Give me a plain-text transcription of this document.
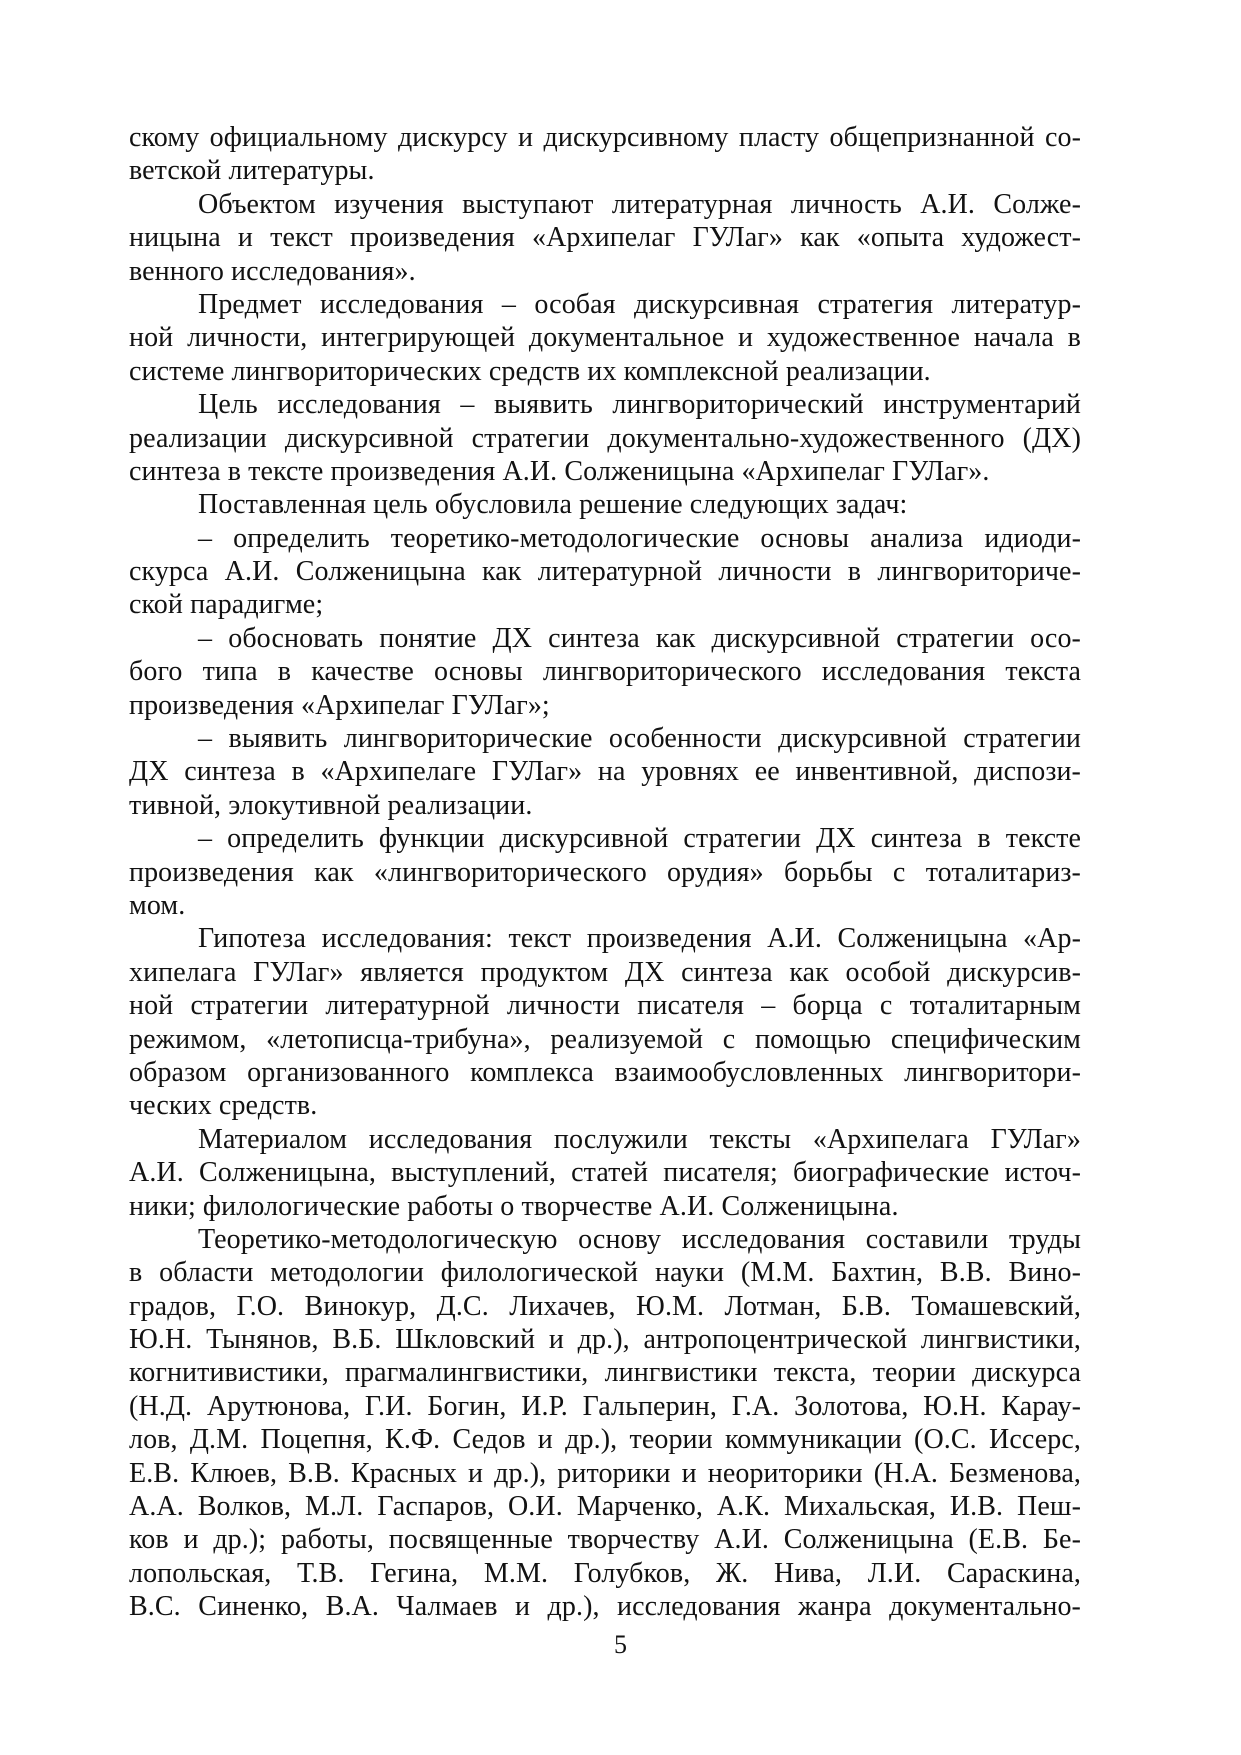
скому официальному дискурсу и дискурсивному пласту общепризнанной со-
ветской литературы.
Объектом изучения выступают литературная личность А.И. Солже-
ницына и текст произведения «Архипелаг ГУЛаг» как «опыта художест-
венного исследования».
Предмет исследования – особая дискурсивная стратегия литератур-
ной личности, интегрирующей документальное и художественное начала в
системе лингвориторических средств их комплексной реализации.
Цель исследования – выявить лингвориторический инструментарий
реализации дискурсивной стратегии документально-художественного (ДХ)
синтеза в тексте произведения А.И. Солженицына «Архипелаг ГУЛаг».
Поставленная цель обусловила решение следующих задач:
– определить теоретико-методологические основы анализа идиоди-
скурса А.И. Солженицына как литературной личности в лингвориториче-
ской парадигме;
– обосновать понятие ДХ синтеза как дискурсивной стратегии осо-
бого типа в качестве основы лингвориторического исследования текста
произведения «Архипелаг ГУЛаг»;
– выявить лингвориторические особенности дискурсивной стратегии
ДХ синтеза в «Архипелаге ГУЛаг» на уровнях ее инвентивной, диспози-
тивной, элокутивной реализации.
– определить функции дискурсивной стратегии ДХ синтеза в тексте
произведения как «лингвориторического орудия» борьбы с тоталитариз-
мом.
Гипотеза исследования: текст произведения А.И. Солженицына «Ар-
хипелага ГУЛаг» является продуктом ДХ синтеза как особой дискурсив-
ной стратегии литературной личности писателя – борца с тоталитарным
режимом, «летописца-трибуна», реализуемой с помощью специфическим
образом организованного комплекса взаимообусловленных лингворитори-
ческих средств.
Материалом исследования послужили тексты «Архипелага ГУЛаг»
А.И. Солженицына, выступлений, статей писателя; биографические источ-
ники; филологические работы о творчестве А.И. Солженицына.
Теоретико-методологическую основу исследования составили труды
в области методологии филологической науки (М.М. Бахтин, В.В. Вино-
градов, Г.О. Винокур, Д.С. Лихачев, Ю.М. Лотман, Б.В. Томашевский,
Ю.Н. Тынянов, В.Б. Шкловский и др.), антропоцентрической лингвистики,
когнитивистики, прагмалингвистики, лингвистики текста, теории дискурса
(Н.Д. Арутюнова, Г.И. Богин, И.Р. Гальперин, Г.А. Золотова, Ю.Н. Карау-
лов, Д.М. Поцепня, К.Ф. Седов и др.), теории коммуникации (О.С. Иссерс,
Е.В. Клюев, В.В. Красных и др.), риторики и неориторики (Н.А. Безменова,
А.А. Волков, М.Л. Гаспаров, О.И. Марченко, А.К. Михальская, И.В. Пеш-
ков и др.); работы, посвященные творчеству А.И. Солженицына (Е.В. Бе-
лопольская, Т.В. Гегина, М.М. Голубков, Ж. Нива, Л.И. Сараскина,
В.С. Синенко, В.А. Чалмаев и др.), исследования жанра документально-
5
